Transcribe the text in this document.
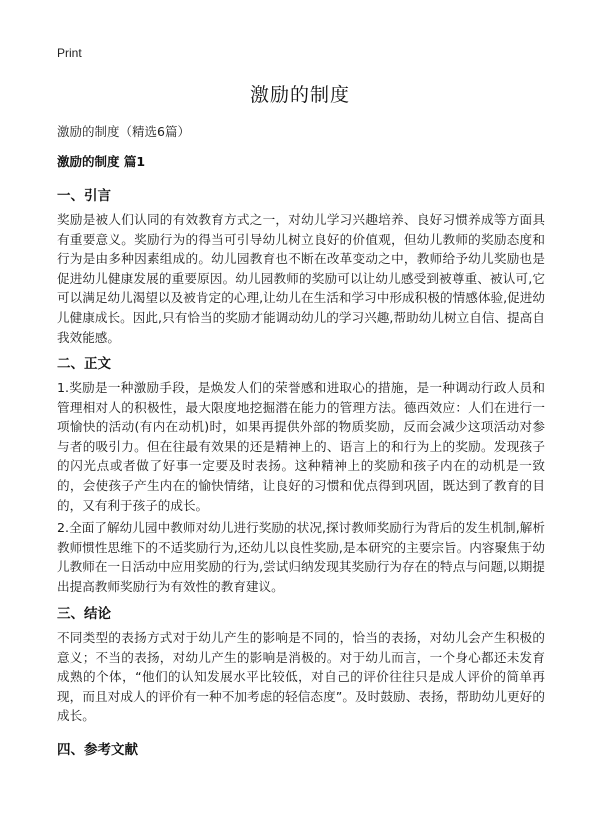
Print
激励的制度
激励的制度（精选6篇）
激励的制度 篇1
一、引言

奖励是被人们认同的有效教育方式之一，对幼儿学习兴趣培养、良好习惯养成等方面具有重要意义。奖励行为的得当可引导幼儿树立良好的价值观，但幼儿教师的奖励态度和行为是由多种因素组成的。幼儿园教育也不断在改革变动之中，教师给予幼儿奖励也是促进幼儿健康发展的重要原因。幼儿园教师的奖励可以让幼儿感受到被尊重、被认可,它可以满足幼儿渴望以及被肯定的心理,让幼儿在生活和学习中形成积极的情感体验,促进幼儿健康成长。因此,只有恰当的奖励才能调动幼儿的学习兴趣,帮助幼儿树立自信、提高自我效能感。

二、正文

1.奖励是一种激励手段，是焕发人们的荣誉感和进取心的措施，是一种调动行政人员和管理相对人的积极性，最大限度地挖掘潜在能力的管理方法。德西效应：人们在进行一项愉快的活动(有内在动机)时，如果再提供外部的物质奖励，反而会减少这项活动对参与者的吸引力。但在往最有效果的还是精神上的、语言上的和行为上的奖励。发现孩子的闪光点或者做了好事一定要及时表扬。这种精神上的奖励和孩子内在的动机是一致的，会使孩子产生内在的愉快情绪，让良好的习惯和优点得到巩固，既达到了教育的目的，又有利于孩子的成长。

2.全面了解幼儿园中教师对幼儿进行奖励的状况,探讨教师奖励行为背后的发生机制,解析教师惯性思维下的不适奖励行为,还幼儿以良性奖励,是本研究的主要宗旨。内容聚焦于幼儿教师在一日活动中应用奖励的行为,尝试归纳发现其奖励行为存在的特点与问题,以期提出提高教师奖励行为有效性的教育建议。

三、结论

不同类型的表扬方式对于幼儿产生的影响是不同的，恰当的表扬，对幼儿会产生积极的意义；不当的表扬，对幼儿产生的影响是消极的。对于幼儿而言，一个身心都还未发育成熟的个体，“他们的认知发展水平比较低，对自己的评价往往只是成人评价的简单再现，而且对成人的评价有一种不加考虑的轻信态度”。及时鼓励、表扬，帮助幼儿更好的成长。

四、参考文献
